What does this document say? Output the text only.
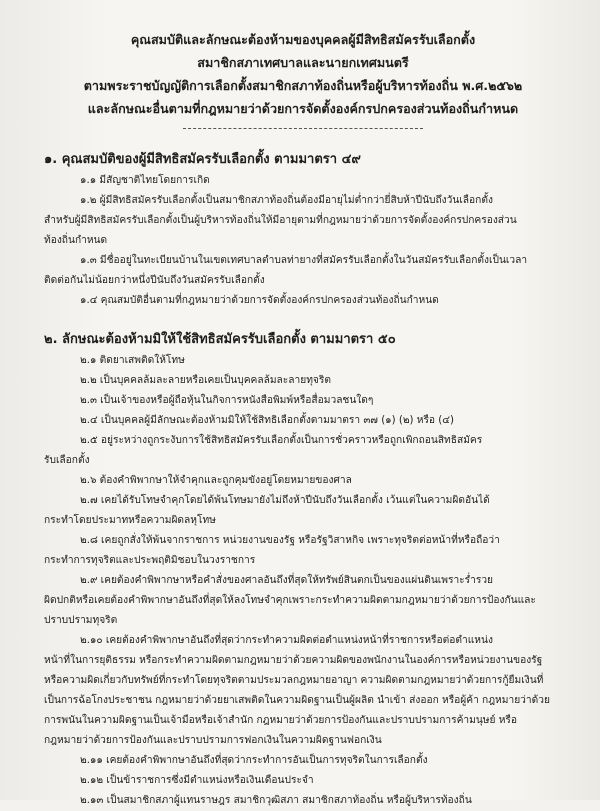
คุณสมบัติและลักษณะต้องห้ามของบุคคลผู้มีสิทธิสมัครรับเลือกตั้ง
สมาชิกสภาเทศบาลและนายกเทศมนตรี
ตามพระราชบัญญัติการเลือกตั้งสมาชิกสภาท้องถิ่นหรือผู้บริหารท้องถิ่น พ.ศ.๒๕๖๒
และลักษณะอื่นตามที่กฎหมายว่าด้วยการจัดตั้งองค์กรปกครองส่วนท้องถิ่นกำหนด
๑. คุณสมบัติของผู้มีสิทธิสมัครรับเลือกตั้ง ตามมาตรา ๔๙
๑.๑ มีสัญชาติไทยโดยการเกิด
๑.๒ ผู้มีสิทธิสมัครรับเลือกตั้งเป็นสมาชิกสภาท้องถิ่นต้องมีอายุไม่ต่ำกว่ายี่สิบห้าปีนับถึงวันเลือกตั้ง
สำหรับผู้มีสิทธิสมัครรับเลือกตั้งเป็นผู้บริหารท้องถิ่นให้มีอายุตามที่กฎหมายว่าด้วยการจัดตั้งองค์กรปกครองส่วน
ท้องถิ่นกำหนด
๑.๓ มีชื่ออยู่ในทะเบียนบ้านในเขตเทศบาลตำบลท่ายางที่สมัครรับเลือกตั้งในวันสมัครรับเลือกตั้งเป็นเวลา
ติดต่อกันไม่น้อยกว่าหนึ่งปีนับถึงวันสมัครรับเลือกตั้ง
๑.๔ คุณสมบัติอื่นตามที่กฎหมายว่าด้วยการจัดตั้งองค์กรปกครองส่วนท้องถิ่นกำหนด
๒. ลักษณะต้องห้ามมิให้ใช้สิทธิสมัครรับเลือกตั้ง ตามมาตรา ๕๐
๒.๑ ติดยาเสพติดให้โทษ
๒.๒ เป็นบุคคลล้มละลายหรือเคยเป็นบุคคลล้มละลายทุจริต
๒.๓ เป็นเจ้าของหรือผู้ถือหุ้นในกิจการหนังสือพิมพ์หรือสื่อมวลชนใดๆ
๒.๔ เป็นบุคคลผู้มีลักษณะต้องห้ามมิให้ใช้สิทธิเลือกตั้งตามมาตรา ๓๗ (๑) (๒) หรือ (๔)
๒.๕ อยู่ระหว่างถูกระงับการใช้สิทธิสมัครรับเลือกตั้งเป็นการชั่วคราวหรือถูกเพิกถอนสิทธิสมัคร
รับเลือกตั้ง
๒.๖ ต้องคำพิพากษาให้จำคุกและถูกคุมขังอยู่โดยหมายของศาล
๒.๗ เคยได้รับโทษจำคุกโดยได้พ้นโทษมายังไม่ถึงห้าปีนับถึงวันเลือกตั้ง เว้นแต่ในความผิดอันได้
กระทำโดยประมาทหรือความผิดลหุโทษ
๒.๘ เคยถูกสั่งให้พ้นจากราชการ หน่วยงานของรัฐ หรือรัฐวิสาหกิจ เพราะทุจริตต่อหน้าที่หรือถือว่า
กระทำการทุจริตและประพฤติมิชอบในวงราชการ
๒.๙ เคยต้องคำพิพากษาหรือคำสั่งของศาลอันถึงที่สุดให้ทรัพย์สินตกเป็นของแผ่นดินเพราะร่ำรวย
ผิดปกติหรือเคยต้องคำพิพากษาอันถึงที่สุดให้ลงโทษจำคุกเพราะกระทำความผิดตามกฎหมายว่าด้วยการป้องกันและ
ปราบปรามทุจริต
๒.๑๐ เคยต้องคำพิพากษาอันถึงที่สุดว่ากระทำความผิดต่อตำแหน่งหน้าที่ราชการหรือต่อตำแหน่ง
หน้าที่ในการยุติธรรม หรือกระทำความผิดตามกฎหมายว่าด้วยความผิดของพนักงานในองค์การหรือหน่วยงานของรัฐ
หรือความผิดเกี่ยวกับทรัพย์ที่กระทำโดยทุจริตตามประมวลกฎหมายอาญา ความผิดตามกฎหมายว่าด้วยการกู้ยืมเงินที่
เป็นการฉ้อโกงประชาชน กฎหมายว่าด้วยยาเสพติดในความผิดฐานเป็นผู้ผลิต นำเข้า ส่งออก หรือผู้ค้า กฎหมายว่าด้วย
การพนันในความผิดฐานเป็นเจ้ามือหรือเจ้าสำนัก กฎหมายว่าด้วยการป้องกันและปราบปรามการค้ามนุษย์ หรือ
กฎหมายว่าด้วยการป้องกันและปราบปรามการฟอกเงินในความผิดฐานฟอกเงิน
๒.๑๑ เคยต้องคำพิพากษาอันถึงที่สุดว่ากระทำการอันเป็นการทุจริตในการเลือกตั้ง
๒.๑๒ เป็นข้าราชการซึ่งมีตำแหน่งหรือเงินเดือนประจำ
๒.๑๓ เป็นสมาชิกสภาผู้แทนราษฎร สมาชิกวุฒิสภา สมาชิกสภาท้องถิ่น หรือผู้บริหารท้องถิ่น
